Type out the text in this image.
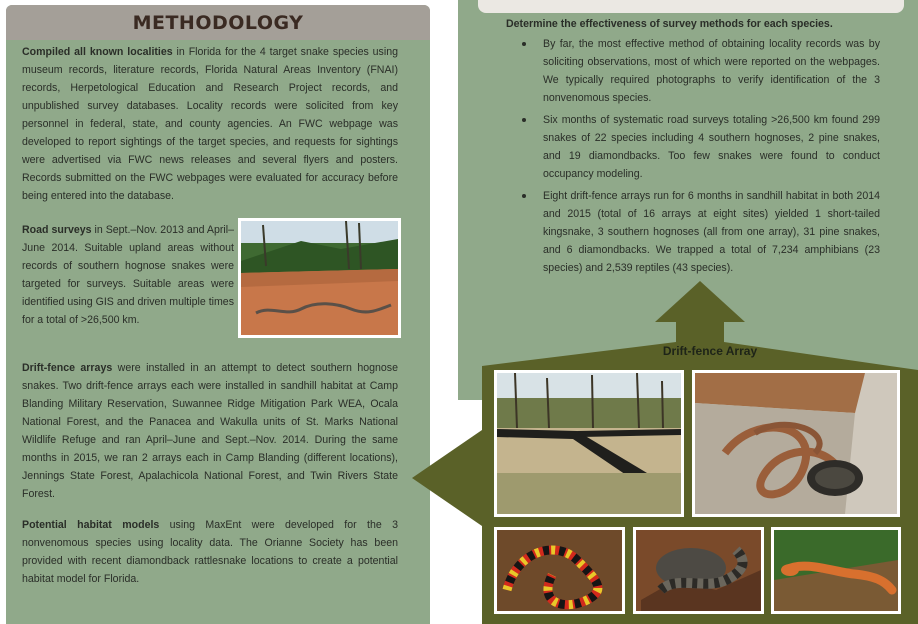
METHODOLOGY
Compiled all known localities in Florida for the 4 target snake species using museum records, literature records, Florida Natural Areas Inventory (FNAI) records, Herpetological Education and Research Project records, and unpublished survey databases. Locality records were solicited from key personnel in federal, state, and county agencies. An FWC webpage was developed to report sightings of the target species, and requests for sightings were advertised via FWC news releases and several flyers and posters. Records submitted on the FWC webpages were evaluated for accuracy before being entered into the database.
Road surveys in Sept.–Nov. 2013 and April–June 2014. Suitable upland areas without records of southern hognose snakes were targeted for surveys. Suitable areas were identified using GIS and driven multiple times for a total of >26,500 km.
Drift-fence arrays were installed in an attempt to detect southern hognose snakes. Two drift-fence arrays each were installed in sandhill habitat at Camp Blanding Military Reservation, Suwannee Ridge Mitigation Park WEA, Ocala National Forest, and the Panacea and Wakulla units of St. Marks National Wildlife Refuge and ran April–June and Sept.–Nov. 2014. During the same months in 2015, we ran 2 arrays each in Camp Blanding (different locations), Jennings State Forest, Apalachicola National Forest, and Twin Rivers State Forest.
Potential habitat models using MaxEnt were developed for the 3 nonvenomous species using locality data. The Orianne Society has been provided with recent diamondback rattlesnake locations to create a potential habitat model for Florida.
Determine the effectiveness of survey methods for each species.
By far, the most effective method of obtaining locality records was by soliciting observations, most of which were reported on the webpages. We typically required photographs to verify identification of the 3 nonvenomous species.
Six months of systematic road surveys totaling >26,500 km found 299 snakes of 22 species including 4 southern hognoses, 2 pine snakes, and 19 diamondbacks. Too few snakes were found to conduct occupancy modeling.
Eight drift-fence arrays run for 6 months in sandhill habitat in both 2014 and 2015 (total of 16 arrays at eight sites) yielded 1 short-tailed kingsnake, 3 southern hognoses (all from one array), 31 pine snakes, and 6 diamondbacks. We trapped a total of 7,234 amphibians (23 species) and 2,539 reptiles (43 species).
Drift-fence Array
